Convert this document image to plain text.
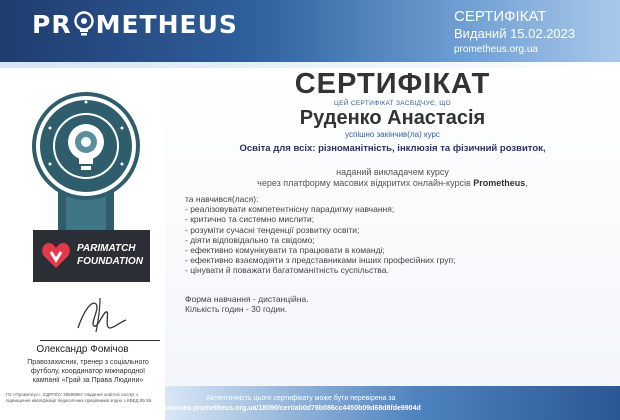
PR METHEUS	СЕРТИФІКАТ
Виданий 15.02.2023
prometheus.org.ua
PARIMATCH
FOUNDATION
Олександр Фомічов
Правозахисник, тренер з соціального футболу, координатор міжнародної кампанії «Грай за Права Людини»
СЕРТИФІКАТ
ЦЕЙ СЕРТИФІКАТ ЗАСВІДЧУЄ, ЩО
Руденко Анастасія
успішно закінчив(ла) курс
Освіта для всіх: різноманітність, інклюзія та фізичний розвиток,
наданий викладачем курсу
через платформу масових відкритих онлайн-курсів Prometheus,
та навчився(лася):
- реалізовувати компетентнісну парадигму навчання;
- критично та системно мислити;
- розуміти сучасні тенденції розвитку освіти;
- діяти відповідально та свідомо;
- ефективно комунікувати та працювати в команді;
- ефективно взаємодіяти з представниками інших професійних груп;
- цінувати й поважати багатоманітність суспільства.
Форма навчання - дистанційна.
Кількість годин - 30 годин.
ГО «Прометеус», ЄДРПОУ 39598867 Надання освітніх послуг з підвищення кваліфікації педагогічних працівників згідно з КВЕД 85.59.	Автентичність цього сертифікату може бути перевірена за
https://courses.prometheus.org.ua/18090/cert/ab0d79b086cc4450b09d68d8fde9904d
